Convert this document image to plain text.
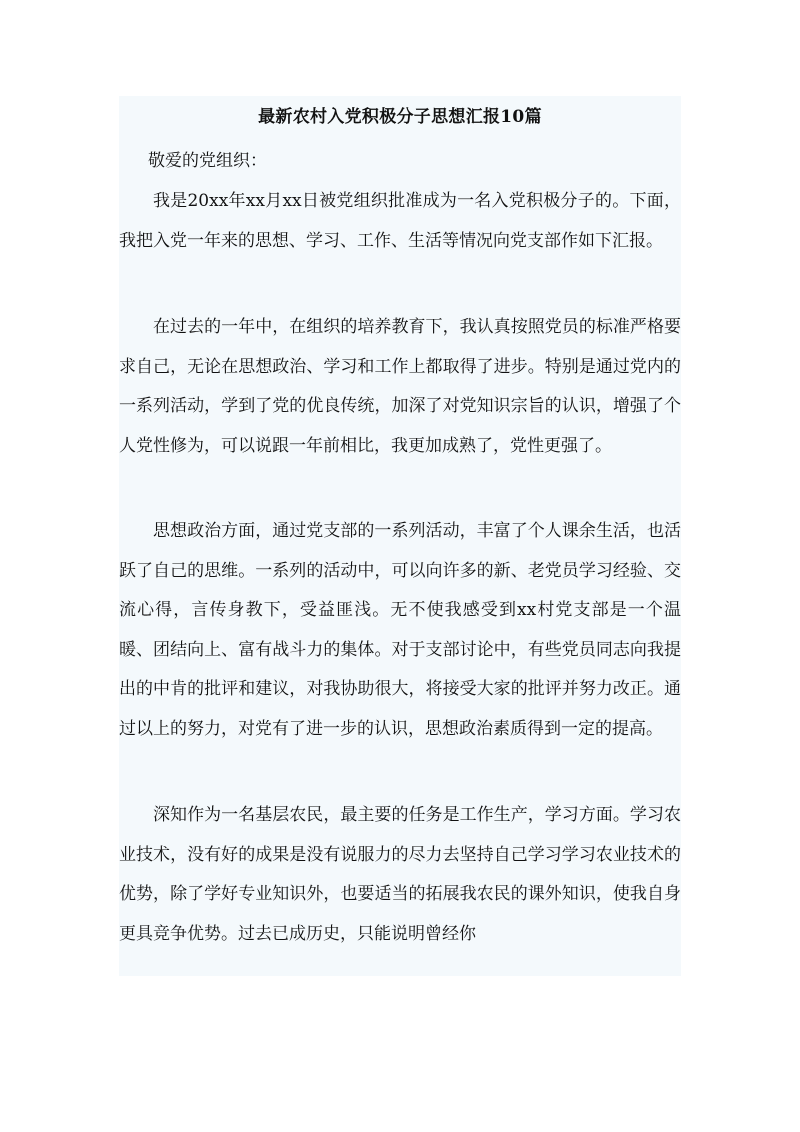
最新农村入党积极分子思想汇报10篇
敬爱的党组织：

我是20xx年xx月xx日被党组织批准成为一名入党积极分子的。下面，我把入党一年来的思想、学习、工作、生活等情况向党支部作如下汇报。

在过去的一年中，在组织的培养教育下，我认真按照党员的标准严格要求自己，无论在思想政治、学习和工作上都取得了进步。特别是通过党内的一系列活动，学到了党的优良传统，加深了对党知识宗旨的认识，增强了个人党性修为，可以说跟一年前相比，我更加成熟了，党性更强了。

思想政治方面，通过党支部的一系列活动，丰富了个人课余生活，也活跃了自己的思维。一系列的活动中，可以向许多的新、老党员学习经验、交流心得，言传身教下，受益匪浅。无不使我感受到xx村党支部是一个温暖、团结向上、富有战斗力的集体。对于支部讨论中，有些党员同志向我提出的中肯的批评和建议，对我协助很大，将接受大家的批评并努力改正。通过以上的努力，对党有了进一步的认识，思想政治素质得到一定的提高。

深知作为一名基层农民，最主要的任务是工作生产，学习方面。学习农业技术，没有好的成果是没有说服力的尽力去坚持自己学习学习农业技术的优势，除了学好专业知识外，也要适当的拓展我农民的课外知识，使我自身更具竞争优势。过去已成历史，只能说明曾经你
